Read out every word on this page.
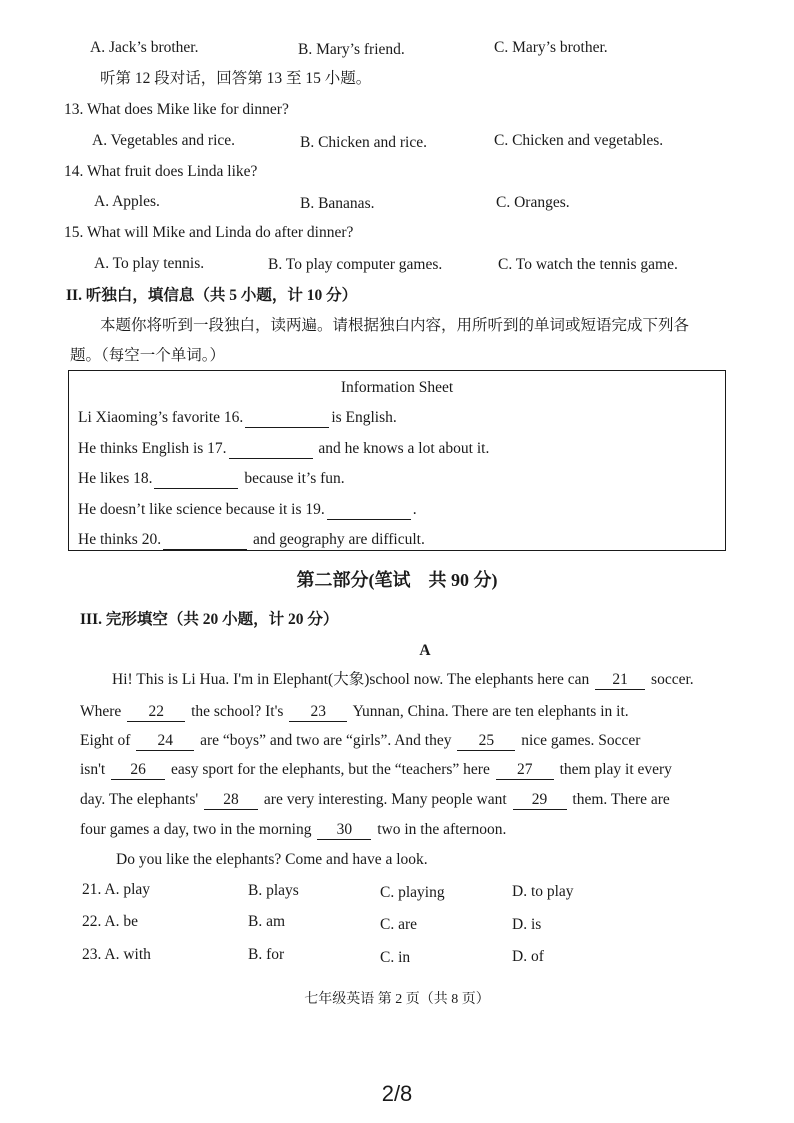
A. Jack’s brother.	B. Mary’s friend.	C. Mary’s brother.
听第 12 段对话，回答第 13 至 15 小题。
13. What does Mike like for dinner?
A. Vegetables and rice.	B. Chicken and rice.	C. Chicken and vegetables.
14. What fruit does Linda like?
A. Apples.	B. Bananas.	C. Oranges.
15. What will Mike and Linda do after dinner?
A. To play tennis.	B. To play computer games.	C. To watch the tennis game.
II. 听独白，填信息（共 5 小题，计 10 分）
本题你将听到一段独白，读两遍。请根据独白内容，用所听到的单词或短语完成下列各
题。（每空一个单词。）
Information Sheet
Li Xiaoming’s favorite 16.	is English.
He thinks English is 17.	and he knows a lot about it.
He likes 18.	because it’s fun.
He doesn’t like science because it is 19.	.
He thinks 20.	and geography are difficult.
第二部分(笔试　共 90 分)
III. 完形填空（共 20 小题，计 20 分）
A
Hi! This is Li Hua. I'm in Elephant(大象)school now. The elephants here can 21 soccer.
Where 22 the school? It's 23 Yunnan, China. There are ten elephants in it.
Eight of 24 are “boys” and two are “girls”. And they 25 nice games. Soccer
isn't 26 easy sport for the elephants, but the “teachers” here 27 them play it every
day. The elephants' 28 are very interesting. Many people want 29 them. There are
four games a day, two in the morning 30 two in the afternoon.
Do you like the elephants? Come and have a look.
21. A. play	B. plays	C. playing	D. to play
22. A. be	B. am	C. are	D. is
23. A. with	B. for	C. in	D. of
七年级英语 第 2 页（共 8 页）
2/8
